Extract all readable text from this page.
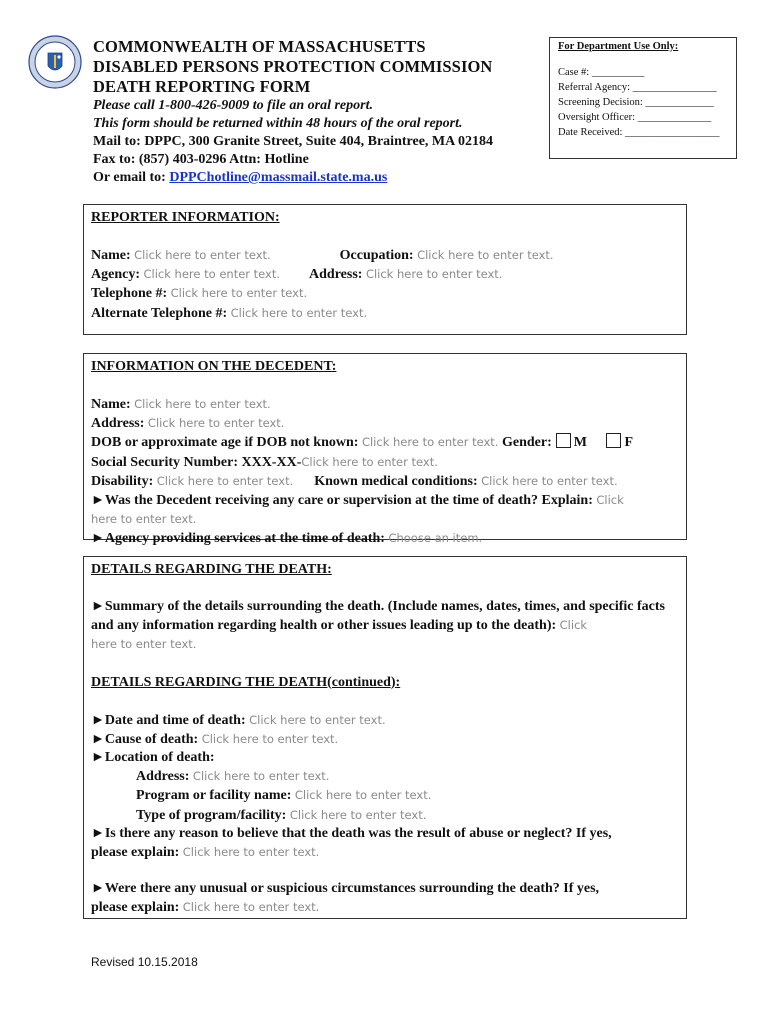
COMMONWEALTH OF MASSACHUSETTS
DISABLED PERSONS PROTECTION COMMISSION
DEATH REPORTING FORM
Please call 1-800-426-9009 to file an oral report.
This form should be returned within 48 hours of the oral report.
Mail to: DPPC, 300 Granite Street, Suite 404, Braintree, MA 02184
Fax to: (857) 403-0296 Attn: Hotline
Or email to: DPPChotline@massmail.state.ma.us
For Department Use Only:
Case #: __________
Referral Agency: ________________
Screening Decision: _____________
Oversight Officer: ______________
Date Received: __________________
REPORTER INFORMATION:
Name: Click here to enter text.	Occupation: Click here to enter text.
Agency: Click here to enter text. Address: Click here to enter text.
Telephone #: Click here to enter text.
Alternate Telephone #: Click here to enter text.
INFORMATION ON THE DECEDENT:
Name: Click here to enter text.
Address: Click here to enter text.
DOB or approximate age if DOB not known: Click here to enter text. Gender: M	F
Social Security Number: XXX-XX-Click here to enter text.
Disability: Click here to enter text. Known medical conditions: Click here to enter text.
►Was the Decedent receiving any care or supervision at the time of death? Explain: Click
here to enter text.
►Agency providing services at the time of death: Choose an item.
DETAILS REGARDING THE DEATH:
►Summary of the details surrounding the death. (Include names, dates, times, and specific facts and any information regarding health or other issues leading up to the death): Click
here to enter text.
DETAILS REGARDING THE DEATH(continued):
►Date and time of death: Click here to enter text.
►Cause of death: Click here to enter text.
►Location of death:
Address: Click here to enter text.
Program or facility name: Click here to enter text.
Type of program/facility: Click here to enter text.
►Is there any reason to believe that the death was the result of abuse or neglect? If yes,
please explain: Click here to enter text.
►Were there any unusual or suspicious circumstances surrounding the death? If yes,
please explain: Click here to enter text.
Revised 10.15.2018
